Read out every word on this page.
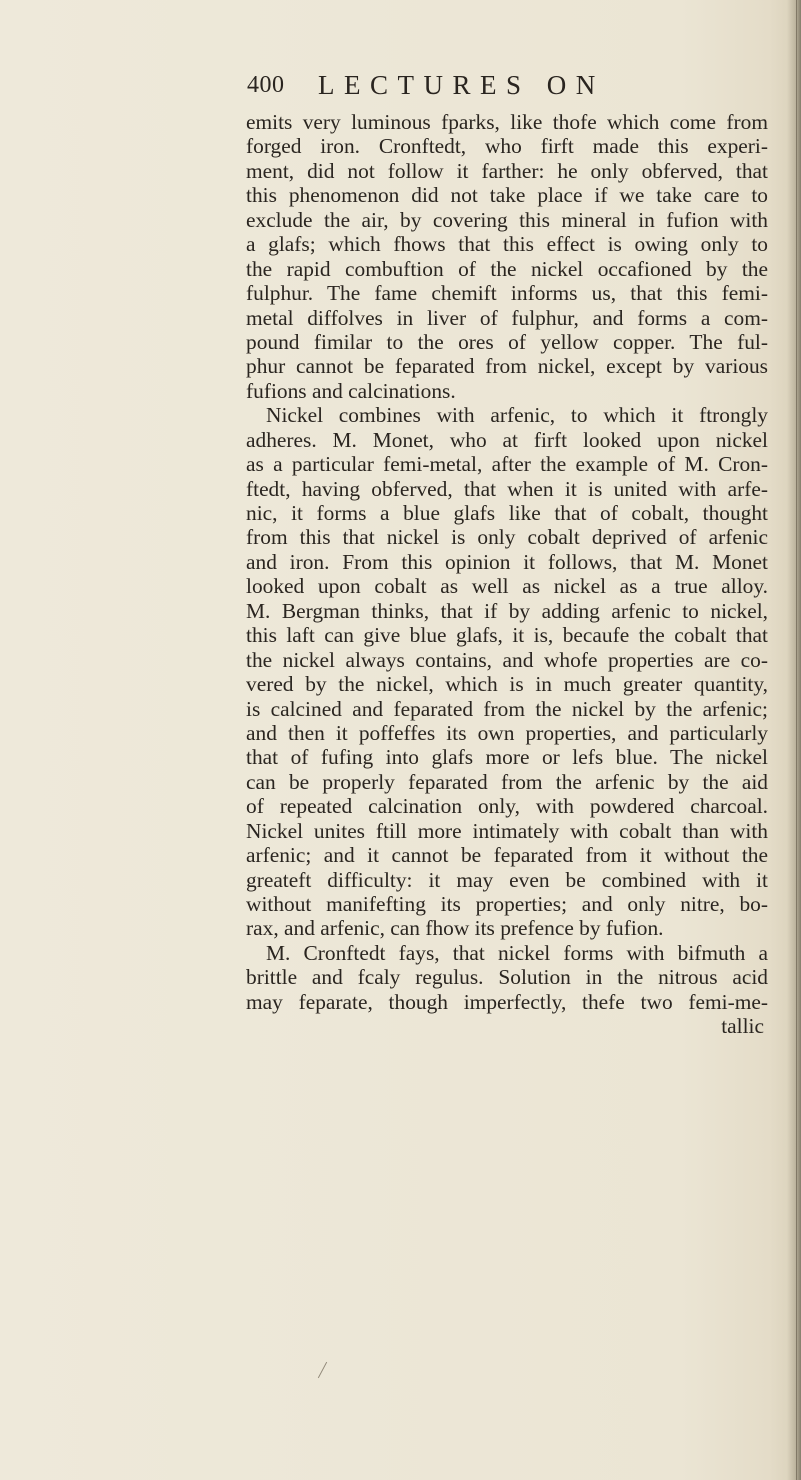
400 LECTURES ON
emits very luminous fparks, like thofe which come from
forged iron. Cronftedt, who firft made this experi-
ment, did not follow it farther: he only obferved, that
this phenomenon did not take place if we take care to
exclude the air, by covering this mineral in fufion with
a glafs; which fhows that this effect is owing only to
the rapid combuftion of the nickel occafioned by the
fulphur. The fame chemift informs us, that this femi-
metal diffolves in liver of fulphur, and forms a com-
pound fimilar to the ores of yellow copper. The ful-
phur cannot be feparated from nickel, except by various
fufions and calcinations.
Nickel combines with arfenic, to which it ftrongly
adheres. M. Monet, who at firft looked upon nickel
as a particular femi-metal, after the example of M. Cron-
ftedt, having obferved, that when it is united with arfe-
nic, it forms a blue glafs like that of cobalt, thought
from this that nickel is only cobalt deprived of arfenic
and iron. From this opinion it follows, that M. Monet
looked upon cobalt as well as nickel as a true alloy.
M. Bergman thinks, that if by adding arfenic to nickel,
this laft can give blue glafs, it is, becaufe the cobalt that
the nickel always contains, and whofe properties are co-
vered by the nickel, which is in much greater quantity,
is calcined and feparated from the nickel by the arfenic;
and then it poffeffes its own properties, and particularly
that of fufing into glafs more or lefs blue. The nickel
can be properly feparated from the arfenic by the aid
of repeated calcination only, with powdered charcoal.
Nickel unites ftill more intimately with cobalt than with
arfenic; and it cannot be feparated from it without the
greateft difficulty: it may even be combined with it
without manifefting its properties; and only nitre, bo-
rax, and arfenic, can fhow its prefence by fufion.
M. Cronftedt fays, that nickel forms with bifmuth a
brittle and fcaly regulus. Solution in the nitrous acid
may feparate, though imperfectly, thefe two femi-me-
tallic
